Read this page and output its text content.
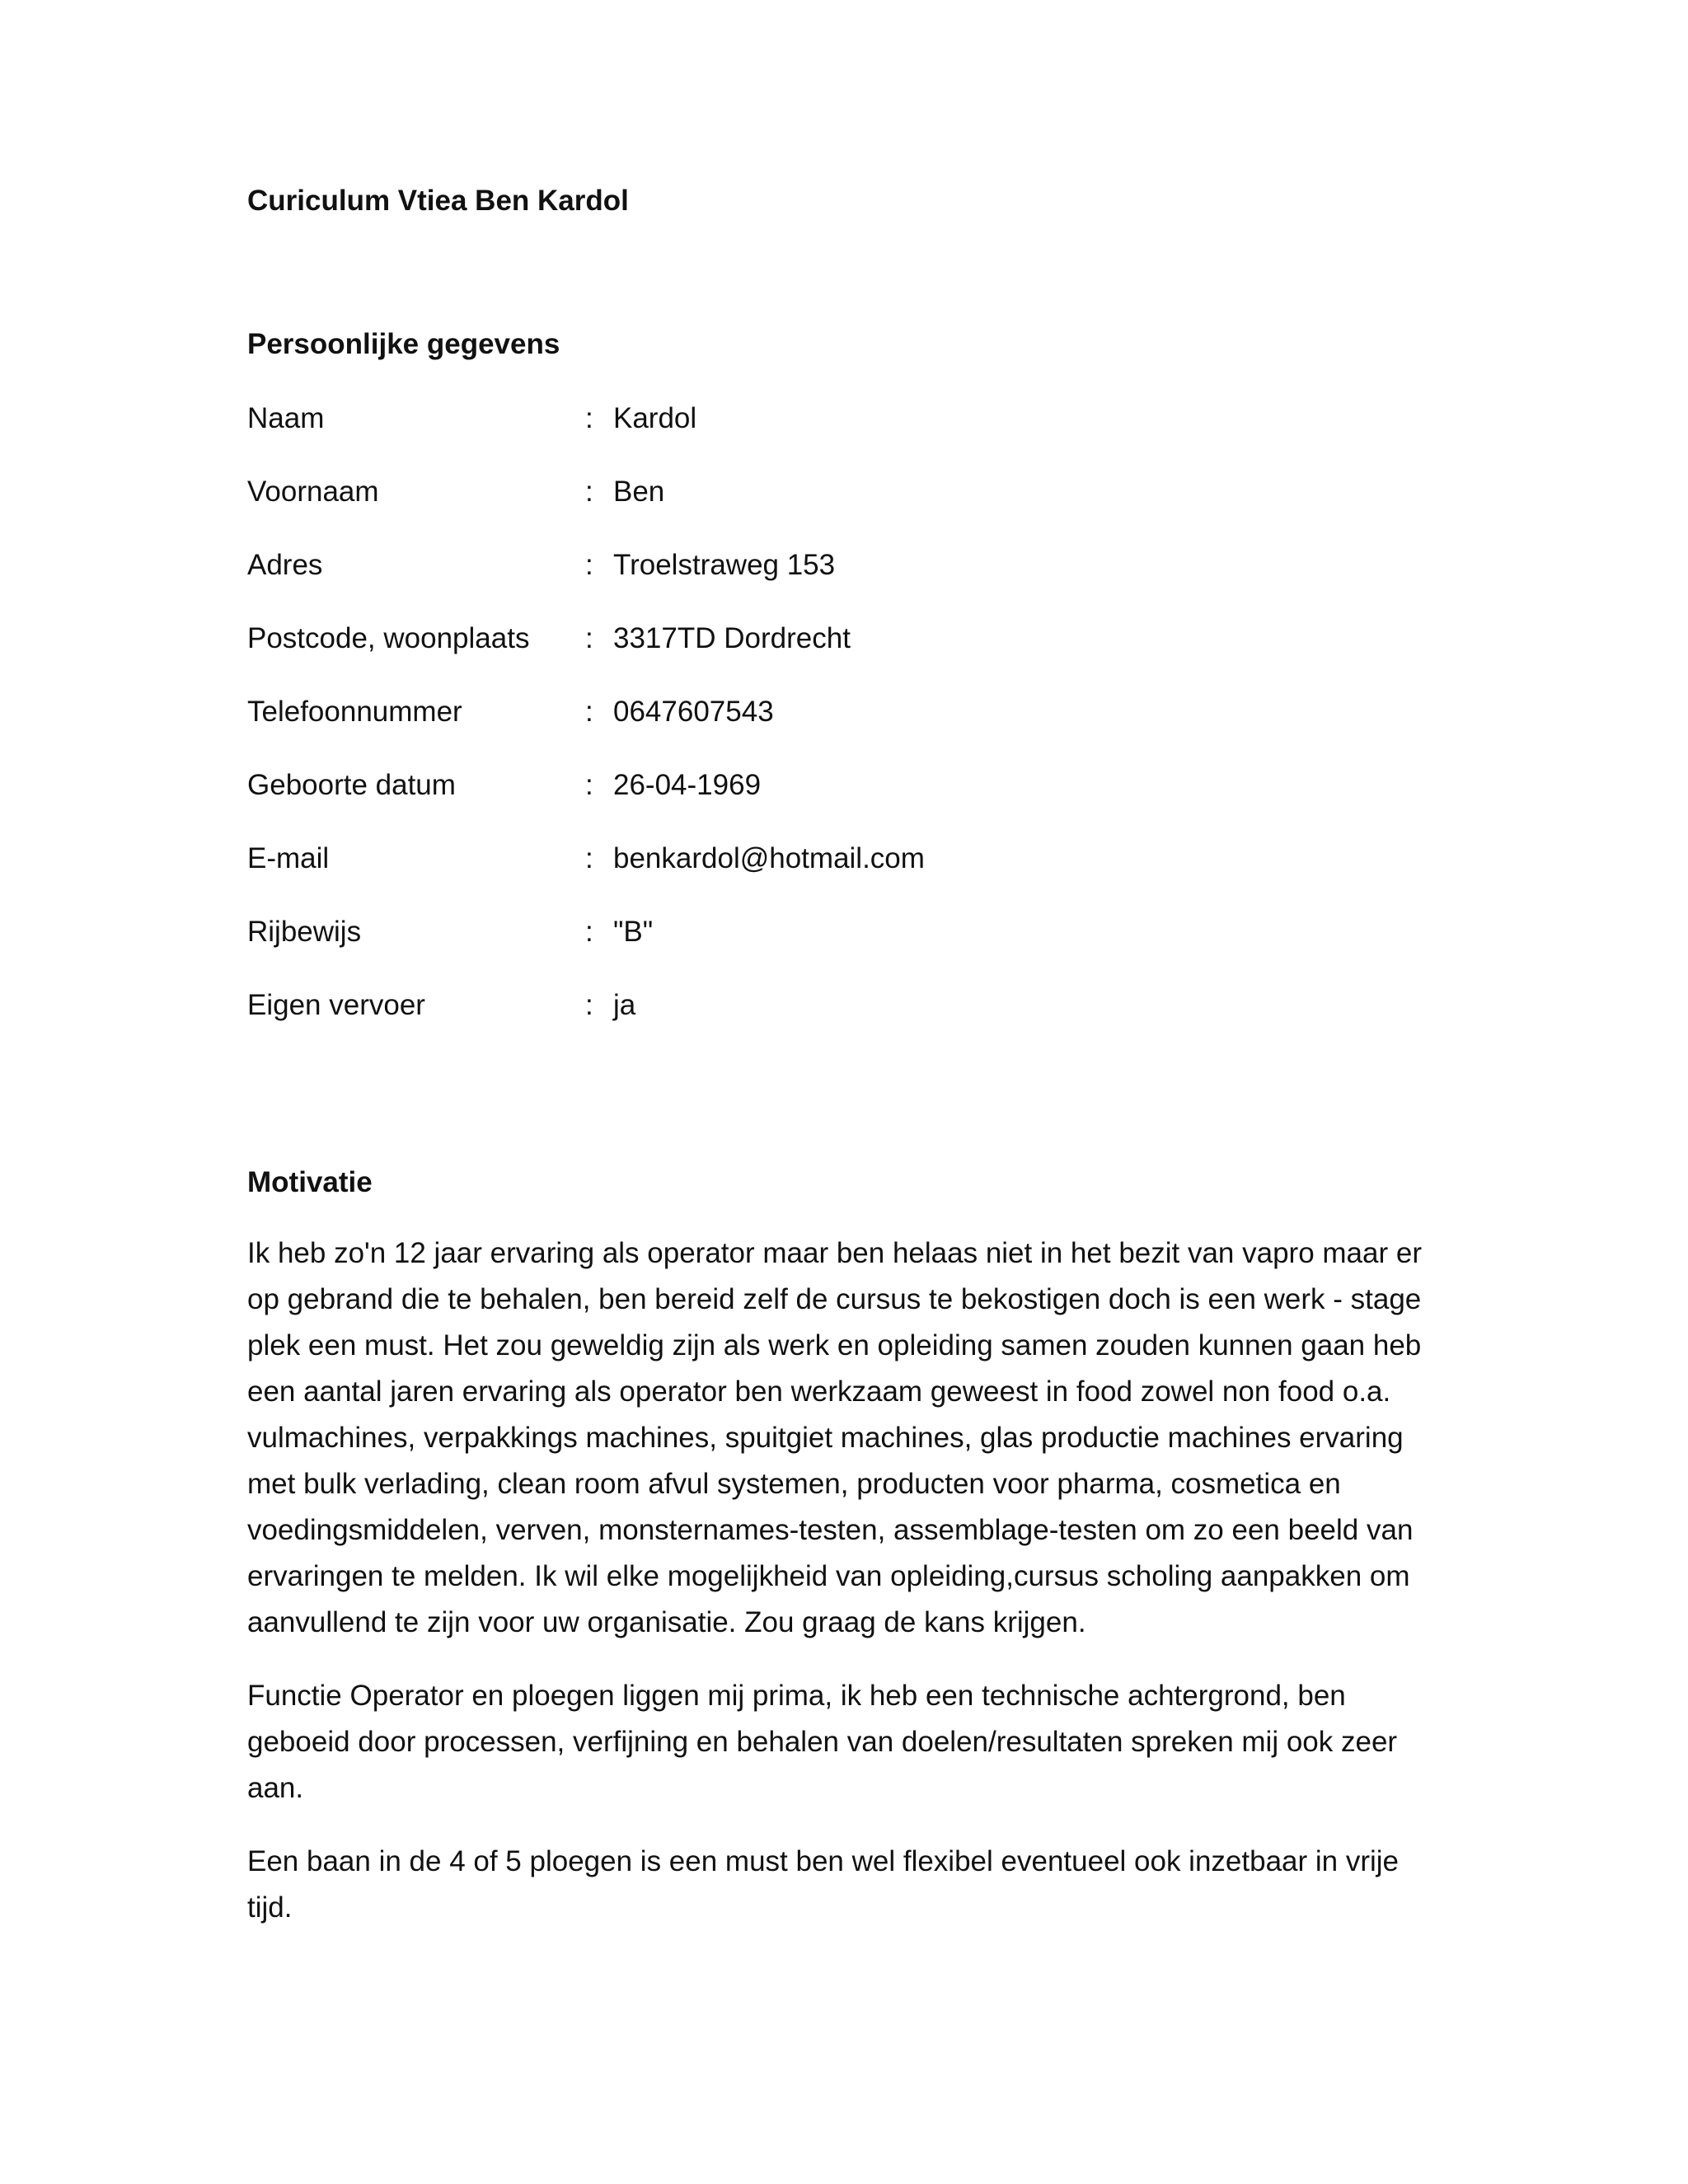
Curiculum Vtiea Ben Kardol
Persoonlijke gegevens
Naam	: Kardol
Voornaam	: Ben
Adres	: Troelstraweg 153
Postcode, woonplaats	: 3317TD Dordrecht
Telefoonnummer	: 0647607543
Geboorte datum	: 26-04-1969
E-mail	: benkardol@hotmail.com
Rijbewijs	: "B"
Eigen vervoer	: ja
Motivatie

Ik heb zo'n 12 jaar ervaring als operator maar ben helaas niet in het bezit van vapro maar er op gebrand die te behalen, ben bereid zelf de cursus te bekostigen doch is een werk - stage plek een must. Het zou geweldig zijn als werk en opleiding samen zouden kunnen gaan heb een aantal jaren ervaring als operator ben werkzaam geweest in food zowel non food o.a. vulmachines, verpakkings machines, spuitgiet machines, glas productie machines ervaring met bulk verlading, clean room afvul systemen, producten voor pharma, cosmetica en voedingsmiddelen, verven, monsternames-testen, assemblage-testen om zo een beeld van ervaringen te melden. Ik wil elke mogelijkheid van opleiding,cursus scholing aanpakken om aanvullend te zijn voor uw organisatie. Zou graag de kans krijgen.

Functie Operator en ploegen liggen mij prima, ik heb een technische achtergrond, ben geboeid door processen, verfijning en behalen van doelen/resultaten spreken mij ook zeer aan.

Een baan in de 4 of 5 ploegen is een must ben wel flexibel eventueel ook inzetbaar in vrije tijd.
